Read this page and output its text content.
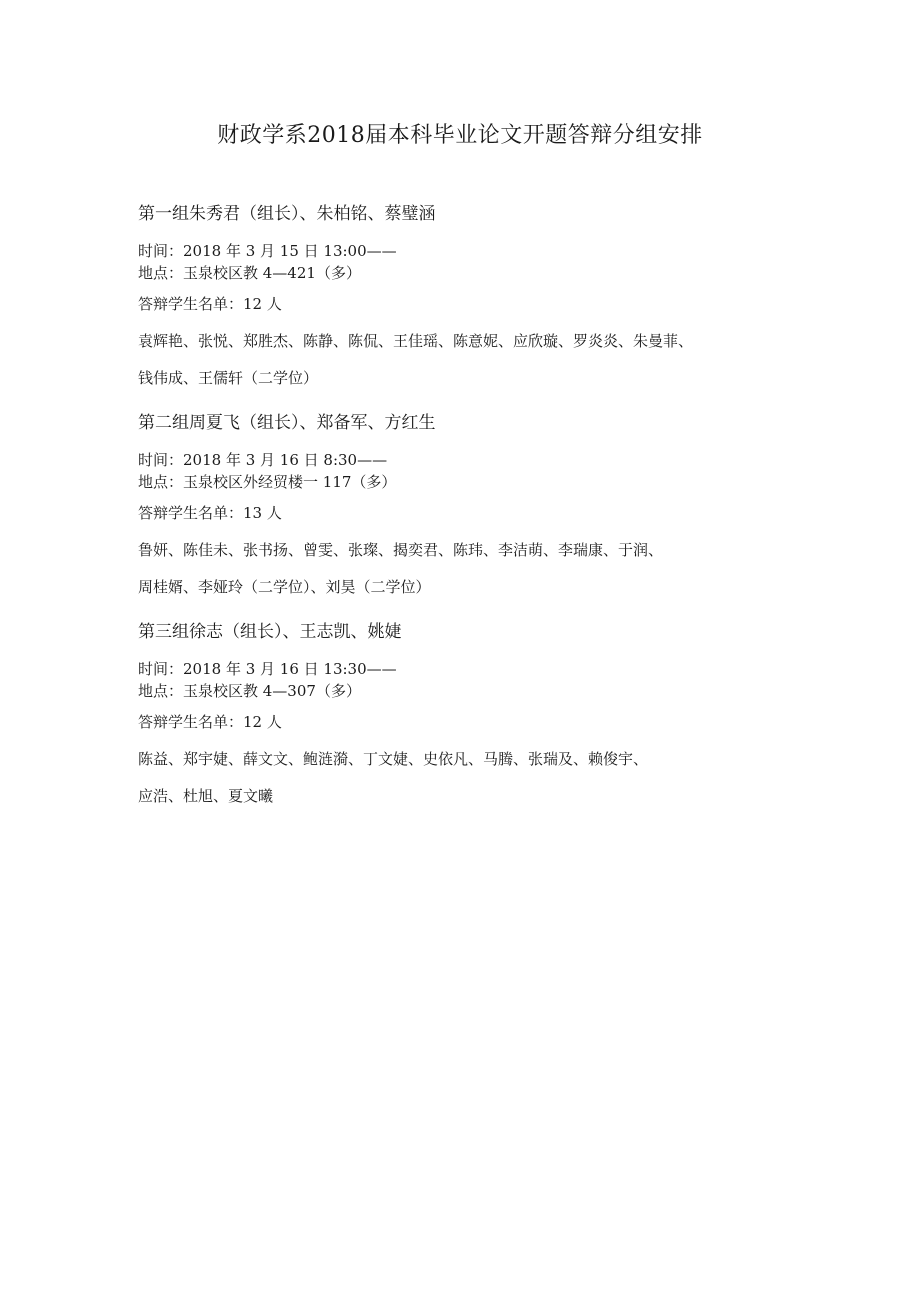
财政学系2018届本科毕业论文开题答辩分组安排
第一组朱秀君（组长）、朱柏铭、蔡璧涵
时间：2018 年 3 月 15 日 13:00——
地点：玉泉校区教 4—421（多）
答辩学生名单：12 人
袁辉艳、张悦、郑胜杰、陈静、陈侃、王佳瑶、陈意妮、应欣璇、罗炎炎、朱曼菲、
钱伟成、王儒轩（二学位）
第二组周夏飞（组长）、郑备军、方红生
时间：2018 年 3 月 16 日 8:30——
地点：玉泉校区外经贸楼一 117（多）
答辩学生名单：13 人
鲁妍、陈佳未、张书扬、曾雯、张璨、揭奕君、陈玮、李洁萌、李瑞康、于润、
周桂婿、李娅玲（二学位）、刘昊（二学位）
第三组徐志（组长）、王志凯、姚婕
时间：2018 年 3 月 16 日 13:30——
地点：玉泉校区教 4—307（多）
答辩学生名单：12 人
陈益、郑宇婕、薛文文、鲍涟漪、丁文婕、史依凡、马腾、张瑞及、赖俊宇、
应浩、杜旭、夏文曦
